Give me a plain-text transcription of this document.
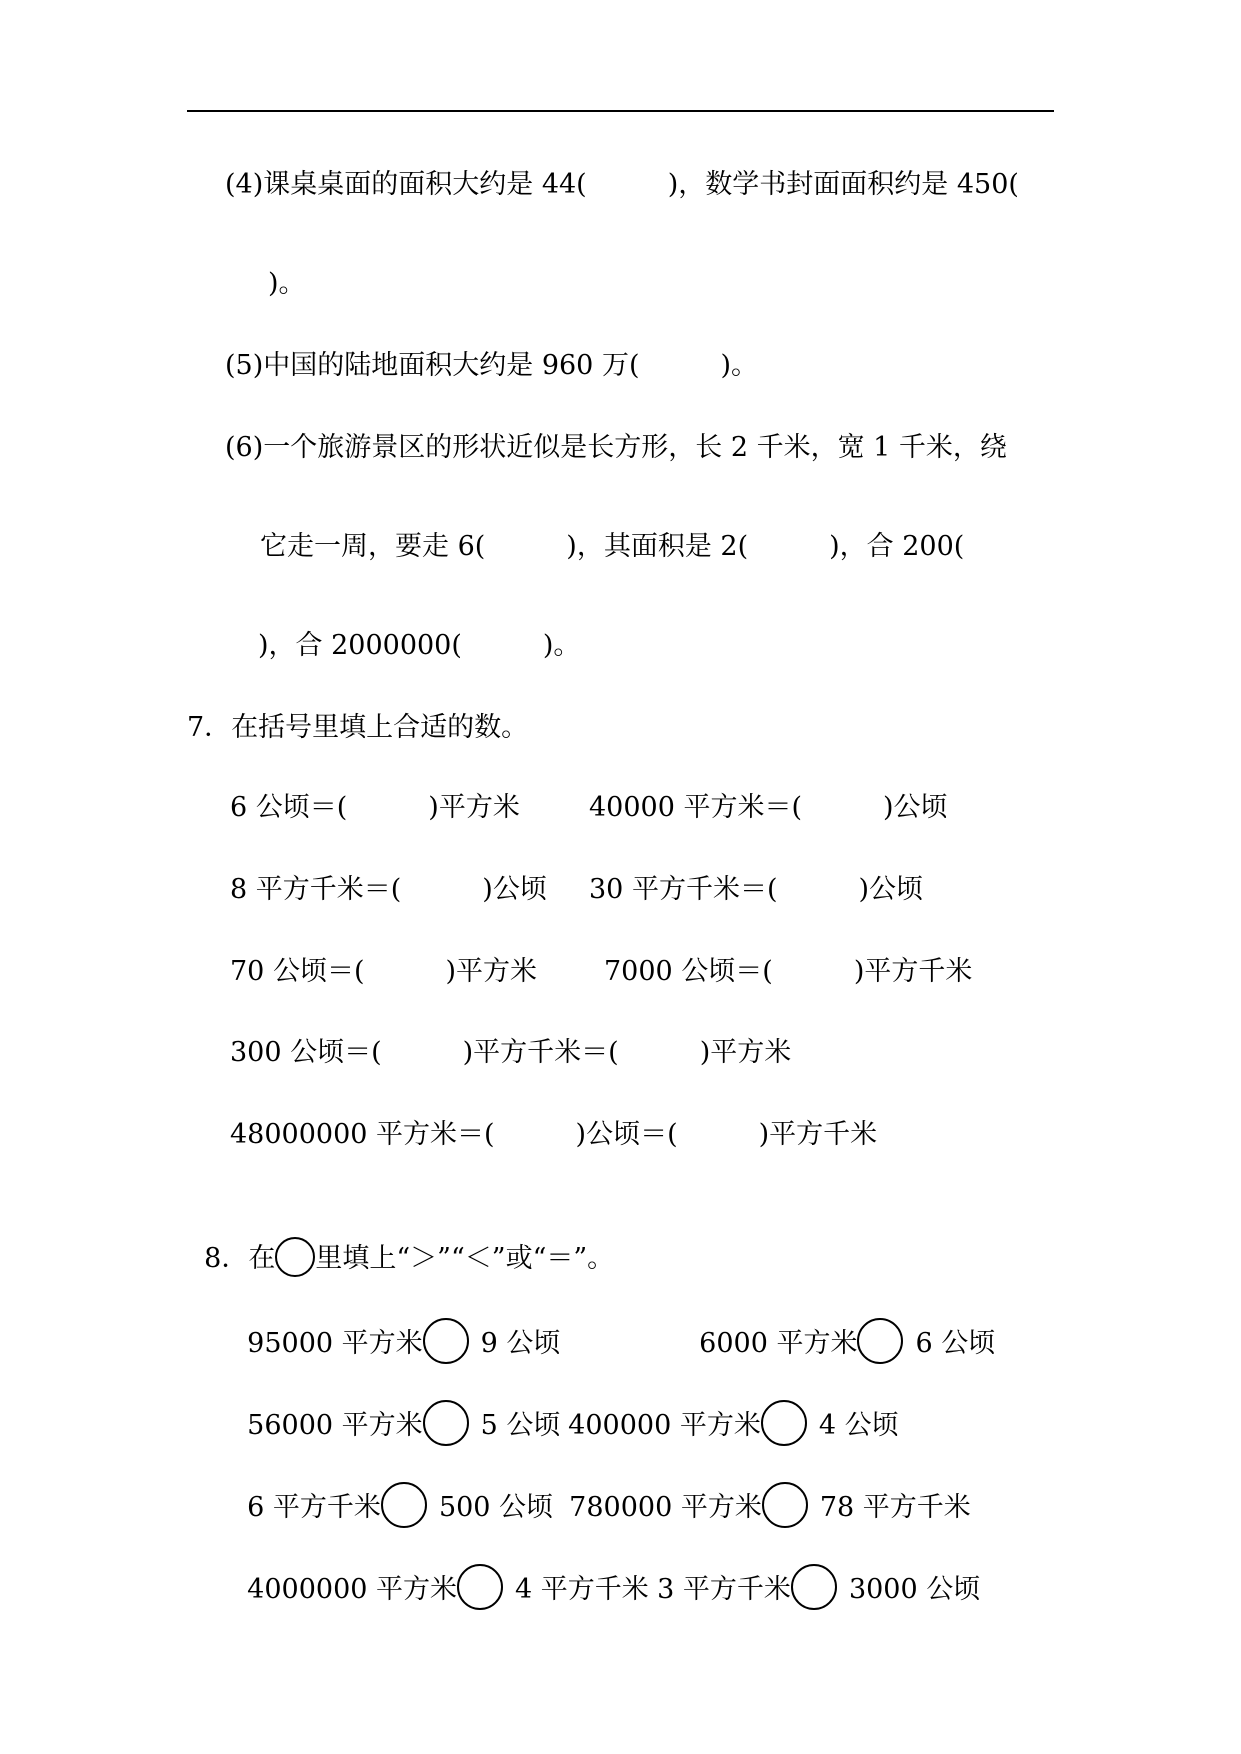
(4)课桌桌面的面积大约是 44(　　　)，数学书封面面积约是 450(
)。
(5)中国的陆地面积大约是 960 万(　　　)。
(6)一个旅游景区的形状近似是长方形，长 2 千米，宽 1 千米，绕
它走一周，要走 6(　　　)，其面积是 2(　　　)，合 200(
)，合 2000000(　　　)。
7．在括号里填上合适的数。
6 公顷＝(　　　)平方米	40000 平方米＝(　　　)公顷
8 平方千米＝(　　　)公顷 30 平方千米＝(　　　)公顷
70 公顷＝(　　　)平方米 7000 公顷＝(　　　)平方千米
300 公顷＝(　　　)平方千米＝(　　　)平方米
48000000 平方米＝(　　　)公顷＝(　　　)平方千米

8．在 里填上“＞”“＜”或“＝”。

95000 平方米 9 公顷	6000 平方米 6 公顷

56000 平方米 5 公顷 400000 平方米 4 公顷

6 平方千米 500 公顷 780000 平方米 78 平方千米

4000000 平方米 4 平方千米 3 平方千米 3000 公顷
